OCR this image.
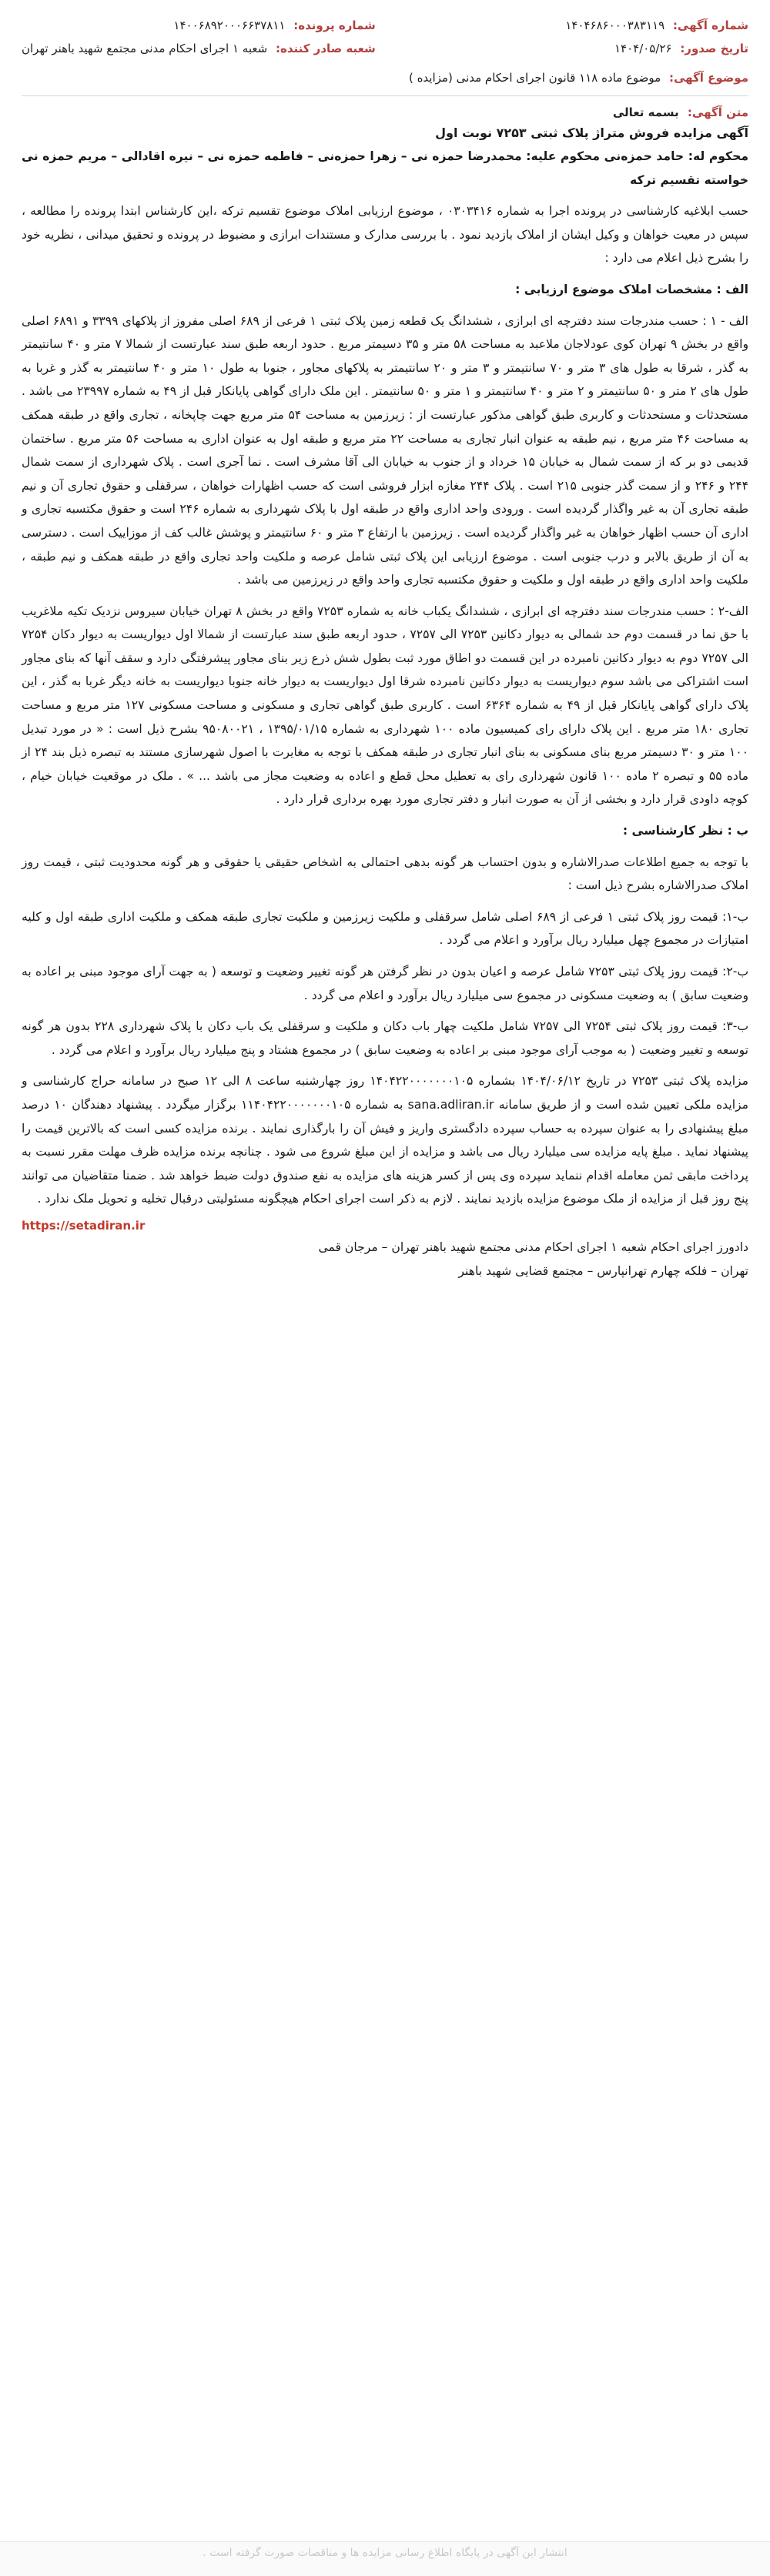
شماره آگهی: ۱۴۰۴۶۸۶۰۰۰۳۸۳۱۱۹
تاریخ صدور: ۱۴۰۴/۰۵/۲۶
شماره پرونده: ۱۴۰۰۶۸۹۲۰۰۰۶۶۳۷۸۱۱
شعبه صادر کننده: شعبه ۱ اجرای احکام مدنی مجتمع شهید باهنر تهران
موضوع آگهی: موضوع ماده ۱۱۸ قانون اجرای احکام مدنی (مزایده )
متن آگهی: بسمه تعالی
آگهی مزایده فروش متراژ پلاک ثبتی ۷۲۵۳ نوبت اول

محکوم له: حامد حمزه‌نی محکوم علیه: محمدرضا حمزه نی – زهرا حمزه‌نی – فاطمه حمزه نی – نیره اقادالی – مریم حمزه نی خواسته تقسیم ترکه

حسب ابلاغیه کارشناسی در پرونده اجرا به شماره ۰۳۰۳۴۱۶ ، موضوع ارزیابی املاک موضوع تقسیم ترکه ،این کارشناس ابتدا پرونده را مطالعه ، سپس در معیت خواهان و وکیل ایشان از املاک بازدید نمود . با بررسی مدارک و مستندات ابرازی و مضبوط در پرونده و تحقیق میدانی ، نظریه خود را بشرح ذیل اعلام می دارد :

الف : مشخصات املاک موضوع ارزیابی :

الف - ۱ : حسب مندرجات سند دفترچه ای ابرازی ، ششدانگ یک قطعه زمین پلاک ثبتی ۱ فرعی از ۶۸۹ اصلی مفروز از پلاکهای ۳۳۹۹ و ۶۸۹۱ اصلی واقع در بخش ۹ تهران کوی عودلاجان ملاعبد به مساحت ۵۸ متر و ۳۵ دسیمتر مربع . حدود اربعه طبق سند عبارتست از شمالا ۷ متر و ۴۰ سانتیمتر به گذر ، شرقا به طول های ۳ متر و ۷۰ سانتیمتر و ۳ متر و ۲۰ سانتیمتر به پلاکهای مجاور ، جنوبا به طول ۱۰ متر و ۴۰ سانتیمتر به گذر و غربا به طول های ۲ متر و ۵۰ سانتیمتر و ۲ متر و ۴۰ سانتیمتر و ۱ متر و ۵۰ سانتیمتر . این ملک دارای گواهی پایانکار قبل از ۴۹ به شماره ۲۳۹۹۷ می باشد . مستحدثات و مستحدثات و کاربری طبق گواهی مذکور عبارتست از : زیرزمین به مساحت ۵۴ متر مربع جهت چاپخانه ، تجاری واقع در طبقه همکف به مساحت ۴۶ متر مربع ، نیم طبقه به عنوان انبار تجاری به مساحت ۲۲ متر مربع و طبقه اول به عنوان اداری به مساحت ۵۶ متر مربع . ساختمان قدیمی دو بر که از سمت شمال به خیابان ۱۵ خرداد و از جنوب به خیابان الی آقا مشرف است . نما آجری است . پلاک شهرداری از سمت شمال ۲۴۴ و ۲۴۶ و از سمت گذر جنوبی ۲۱۵ است . پلاک ۲۴۴ مغازه ابزار فروشی است که حسب اظهارات خواهان ، سرقفلی و حقوق تجاری آن و نیم طبقه تجاری آن به غیر واگذار گردیده است . ورودی واحد اداری واقع در طبقه اول با پلاک شهرداری به شماره ۲۴۶ است و حقوق مکتسبه تجاری و اداری آن حسب اظهار خواهان به غیر واگذار گردیده است . زیرزمین با ارتفاع ۳ متر و ۶۰ سانتیمتر و پوشش غالب کف از موزاییک است . دسترسی به آن از طریق بالابر و درب جنوبی است . موضوع ارزیابی این پلاک ثبتی شامل عرصه و ملکیت واحد تجاری واقع در طبقه همکف و نیم طبقه ، ملکیت واحد اداری واقع در طبقه اول و ملکیت و حقوق مکتسبه تجاری واحد واقع در زیرزمین می باشد .

الف-۲ : حسب مندرجات سند دفترچه ای ابرازی ، ششدانگ یکباب خانه به شماره ۷۲۵۳ واقع در بخش ۸ تهران خیابان سیروس نزدیک تکیه ملاغریب با حق نما در قسمت دوم حد شمالی به دیوار دکانین ۷۲۵۳ الی ۷۲۵۷ ، حدود اربعه طبق سند عبارتست از شمالا اول دیواریست به دیوار دکان ۷۲۵۴ الی ۷۲۵۷ دوم به دیوار دکانین نامبرده در این قسمت دو اطاق مورد ثبت بطول شش ذرع زیر بنای مجاور پیشرفتگی دارد و سقف آنها که بنای مجاور است اشتراکی می باشد سوم دیواریست به دیوار دکانین نامبرده شرقا اول دیواریست به دیوار خانه جنوبا دیواریست به خانه دیگر غربا به گذر ، این پلاک دارای گواهی پایانکار قبل از ۴۹ به شماره ۶۳۶۴ است . کاربری طبق گواهی تجاری و مسکونی و مساحت مسکونی ۱۲۷ متر مربع و مساحت تجاری ۱۸۰ متر مربع . این پلاک دارای رای کمیسیون ماده ۱۰۰ شهرداری به شماره ۱۳۹۵/۰۱/۱۵ ، ۹۵۰۸۰۰۲۱ بشرح ذیل است : « در مورد تبدیل ۱۰۰ متر و ۳۰ دسیمتر مربع بنای مسکونی به بنای انبار تجاری در طبقه همکف با توجه به مغایرت با اصول شهرسازی مستند به تبصره ذیل بند ۲۴ از ماده ۵۵ و تبصره ۲ ماده ۱۰۰ قانون شهرداری رای به تعطیل محل قطع و اعاده به وضعیت مجاز می باشد ... » . ملک در موقعیت خیابان خیام ، کوچه داودی قرار دارد و بخشی از آن به صورت انبار و دفتر تجاری مورد بهره برداری قرار دارد .

ب : نظر کارشناسی :

با توجه به جمیع اطلاعات صدرالاشاره و بدون احتساب هر گونه بدهی احتمالی به اشخاص حقیقی یا حقوقی و هر گونه محدودیت ثبتی ، قیمت روز املاک صدرالاشاره بشرح ذیل است :

ب-۱: قیمت روز پلاک ثبتی ۱ فرعی از ۶۸۹ اصلی شامل سرقفلی و ملکیت زیرزمین و ملکیت تجاری طبقه همکف و ملکیت اداری طبقه اول و کلیه امتیازات در مجموع چهل میلیارد ریال برآورد و اعلام می گردد .

ب-۲: قیمت روز پلاک ثبتی ۷۲۵۳ شامل عرصه و اعیان بدون در نظر گرفتن هر گونه تغییر وضعیت و توسعه ( به جهت آرای موجود مبنی بر اعاده به وضعیت سابق ) به وضعیت مسکونی در مجموع سی میلیارد ریال برآورد و اعلام می گردد .

ب-۳: قیمت روز پلاک ثبتی ۷۲۵۴ الی ۷۲۵۷ شامل ملکیت چهار باب دکان و ملکیت و سرقفلی یک باب دکان با پلاک شهرداری ۲۲۸ بدون هر گونه توسعه و تغییر وضعیت ( به موجب آرای موجود مبنی بر اعاده به وضعیت سابق ) در مجموع هشتاد و پنج میلیارد ریال برآورد و اعلام می گردد .

مزایده پلاک ثبتی ۷۲۵۳ در تاریخ ۱۴۰۴/۰۶/۱۲ بشماره ۱۴۰۴۲۲۰۰۰۰۰۰۰۱۰۵ روز چهارشنبه ساعت ۸ الی ۱۲ صبح در سامانه حراج کارشناسی و مزایده ملکی تعیین شده است و از طریق سامانه sana.adliran.ir به شماره ۱۱۴۰۴۲۲۰۰۰۰۰۰۰۱۰۵ برگزار میگردد . پیشنهاد دهندگان ۱۰ درصد مبلغ پیشنهادی را به عنوان سپرده به حساب سپرده دادگستری واریز و فیش آن را بارگذاری نمایند . برنده مزایده کسی است که بالاترین قیمت را پیشنهاد نماید . مبلغ پایه مزایده سی میلیارد ریال می باشد و مزایده از این مبلغ شروع می شود . چنانچه برنده مزایده ظرف مهلت مقرر نسبت به پرداخت مابقی ثمن معامله اقدام ننماید سپرده وی پس از کسر هزینه های مزایده به نفع صندوق دولت ضبط خواهد شد . ضمنا متقاضیان می توانند پنج روز قبل از مزایده از ملک موضوع مزایده بازدید نمایند . لازم به ذکر است اجرای احکام هیچگونه مسئولیتی درقبال تخلیه و تحویل ملک ندارد .

https://setadiran.ir

دادورز اجرای احکام شعبه ۱ اجرای احکام مدنی مجتمع شهید باهنر تهران – مرجان قمی

تهران – فلکه چهارم تهرانپارس – مجتمع قضایی شهید باهنر

انتشار این آگهی در پایگاه اطلاع رسانی مزایده ها و مناقصات صورت گرفته است .
